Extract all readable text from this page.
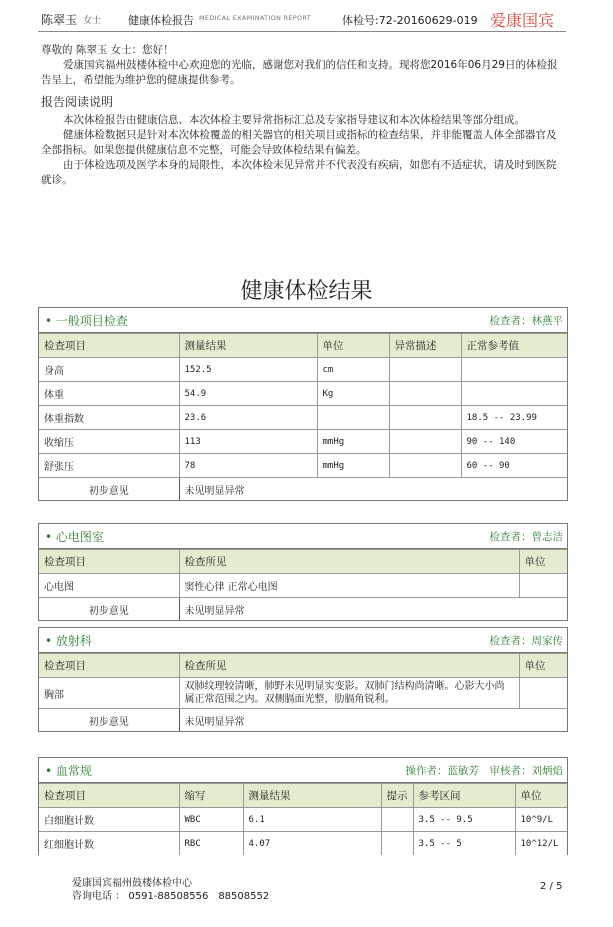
陈翠玉 女士 健康体检报告 MEDICAL EXAMINATION REPORT	体检号:72-20160629-019 爱康国宾

尊敬的 陈翠玉 女士：您好！

爱康国宾福州鼓楼体检中心欢迎您的光临，感谢您对我们的信任和支持。现将您2016年06月29日的体检报告呈上，希望能为维护您的健康提供参考。

报告阅读说明

本次体检报告由健康信息、本次体检主要异常指标汇总及专家指导建议和本次体检结果等部分组成。

健康体检数据只是针对本次体检覆盖的相关器官的相关项目或指标的检查结果，并非能覆盖人体全部器官及全部指标。如果您提供健康信息不完整，可能会导致体检结果有偏差。

由于体检选项及医学本身的局限性，本次体检未见异常并不代表没有疾病，如您有不适症状，请及时到医院就诊。

健康体检结果
• 一般项目检查	检查者：林燕平
检查项目	测量结果	单位	异常描述	正常参考值
身高	152.5	cm		
体重	54.9	Kg		
体重指数	23.6			18.5 -- 23.99
收缩压	113	mmHg		90 -- 140
舒张压	78	mmHg		60 -- 90
初步意见	未见明显异常			
• 心电图室	检查者：曾志洁
检查项目	检查所见	单位
心电图	窦性心律 正常心电图	
初步意见	未见明显异常	
• 放射科	检查者：周家传
检查项目	检查所见	单位
胸部	双肺纹理较清晰，肺野未见明显实变影。双肺门结构尚清晰。心影大小尚属正常范围之内。双侧膈面光整，肋膈角锐利。	
初步意见	未见明显异常	
• 血常规	操作者：蓝敏芳　审核者：刘炳焰
检查项目	缩写	测量结果	提示	参考区间	单位
白细胞计数	WBC	6.1		3.5 -- 9.5	10^9/L
红细胞计数	RBC	4.07		3.5 -- 5	10^12/L
爱康国宾福州鼓楼体检中心
咨询电话 ： 0591-88508556　88508552
2 / 5
